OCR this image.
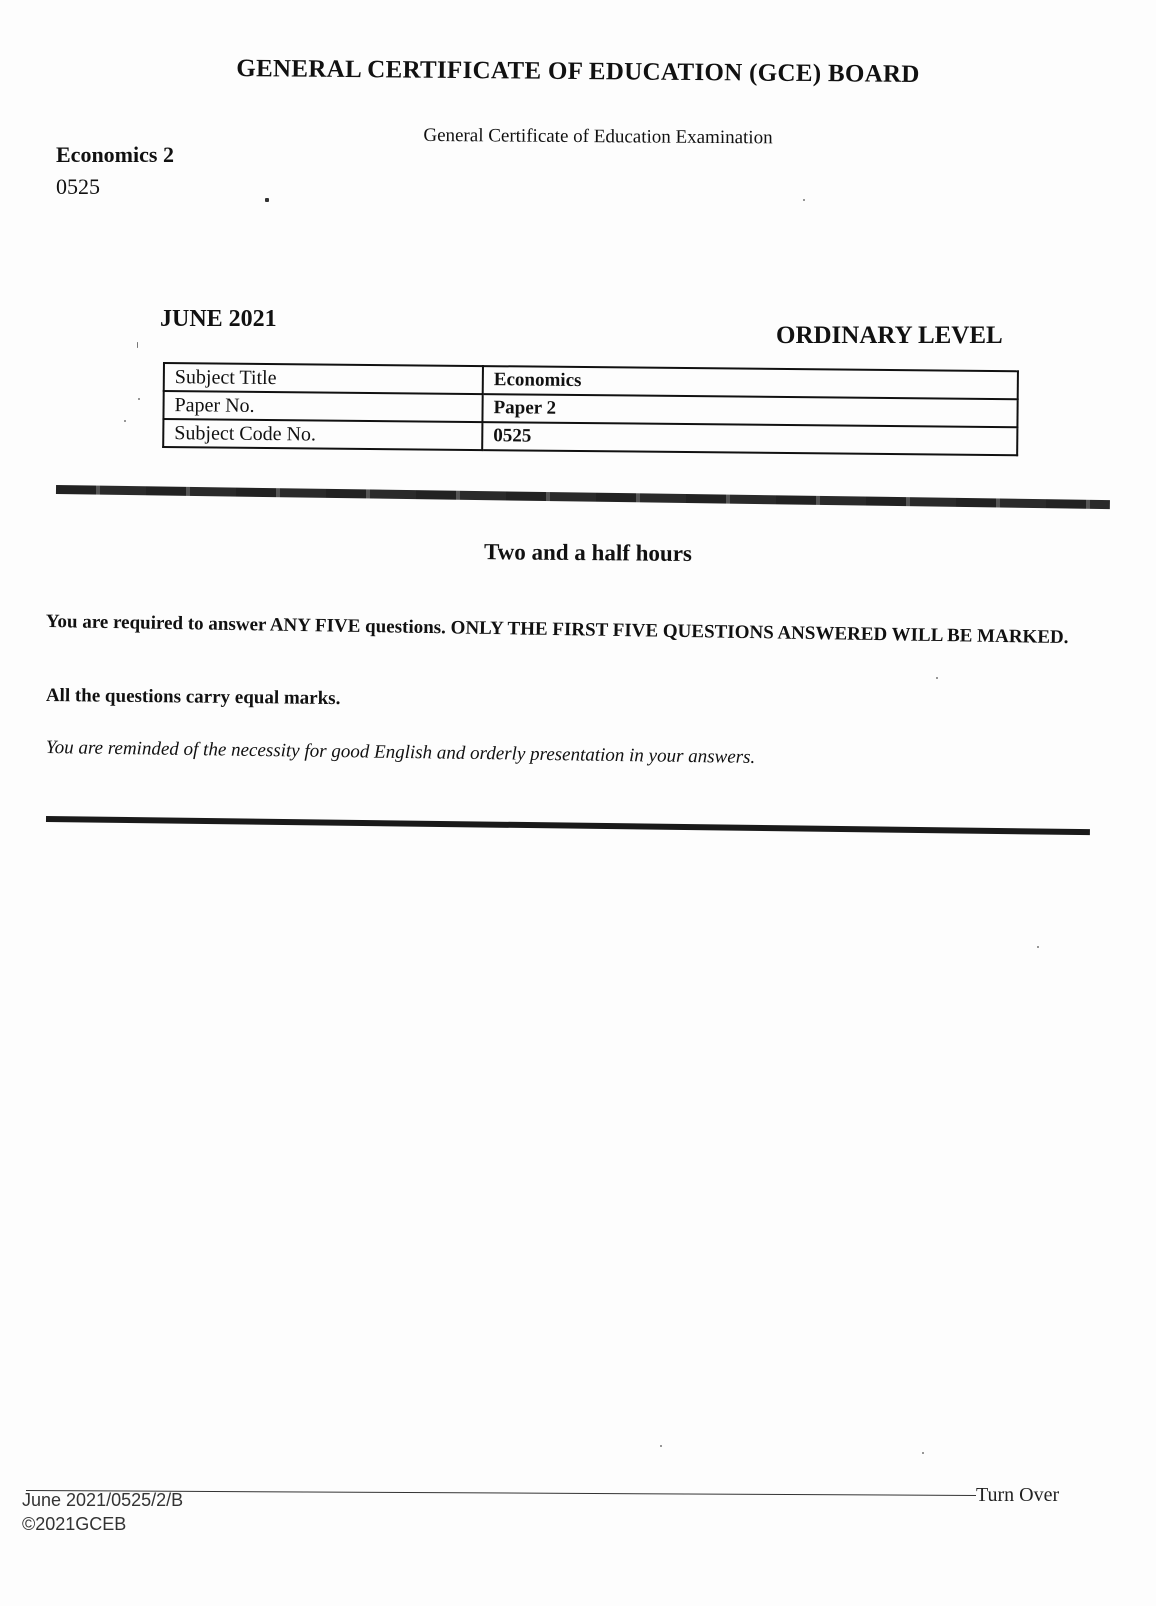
GENERAL CERTIFICATE OF EDUCATION (GCE) BOARD
General Certificate of Education Examination
Economics 2
0525
JUNE 2021
ORDINARY LEVEL
Subject Title	Economics
Paper No.	Paper 2
Subject Code No.	0525
Two and a half hours
You are required to answer ANY FIVE questions. ONLY THE FIRST FIVE QUESTIONS ANSWERED WILL BE MARKED.
All the questions carry equal marks.
You are reminded of the necessity for good English and orderly presentation in your answers.
June 2021/0525/2/B
©2021GCEB
Turn Over
